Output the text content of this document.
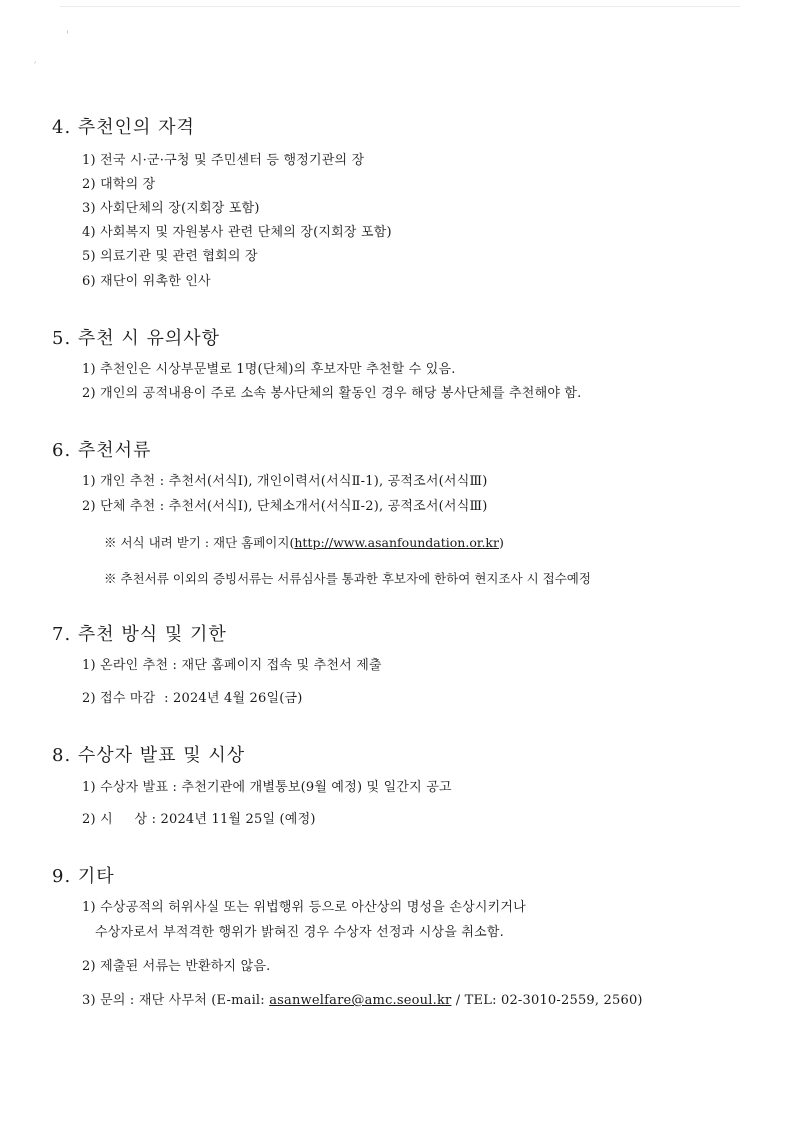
'
ˊ
4. 추천인의 자격
1) 전국 시·군·구청 및 주민센터 등 행정기관의 장
2) 대학의 장
3) 사회단체의 장(지회장 포함)
4) 사회복지 및 자원봉사 관련 단체의 장(지회장 포함)
5) 의료기관 및 관련 협회의 장
6) 재단이 위촉한 인사
5. 추천 시 유의사항
1) 추천인은 시상부문별로 1명(단체)의 후보자만 추천할 수 있음.
2) 개인의 공적내용이 주로 소속 봉사단체의 활동인 경우 해당 봉사단체를 추천해야 함.
6. 추천서류
1) 개인 추천 : 추천서(서식Ⅰ), 개인이력서(서식Ⅱ-1), 공적조서(서식Ⅲ)
2) 단체 추천 : 추천서(서식Ⅰ), 단체소개서(서식Ⅱ-2), 공적조서(서식Ⅲ)
※ 서식 내려 받기 : 재단 홈페이지(http://www.asanfoundation.or.kr)
※ 추천서류 이외의 증빙서류는 서류심사를 통과한 후보자에 한하여 현지조사 시 접수예정
7. 추천 방식 및 기한
1) 온라인 추천 : 재단 홈페이지 접속 및 추천서 제출
2) 접수 마감  : 2024년 4월 26일(금)
8. 수상자 발표 및 시상
1) 수상자 발표 : 추천기관에 개별통보(9월 예정) 및 일간지 공고
2) 시     상 : 2024년 11월 25일 (예정)
9. 기타
1) 수상공적의 허위사실 또는 위법행위 등으로 아산상의 명성을 손상시키거나
수상자로서 부적격한 행위가 밝혀진 경우 수상자 선정과 시상을 취소함.
2) 제출된 서류는 반환하지 않음.
3) 문의 : 재단 사무처 (E-mail: asanwelfare@amc.seoul.kr / TEL: 02-3010-2559, 2560)
